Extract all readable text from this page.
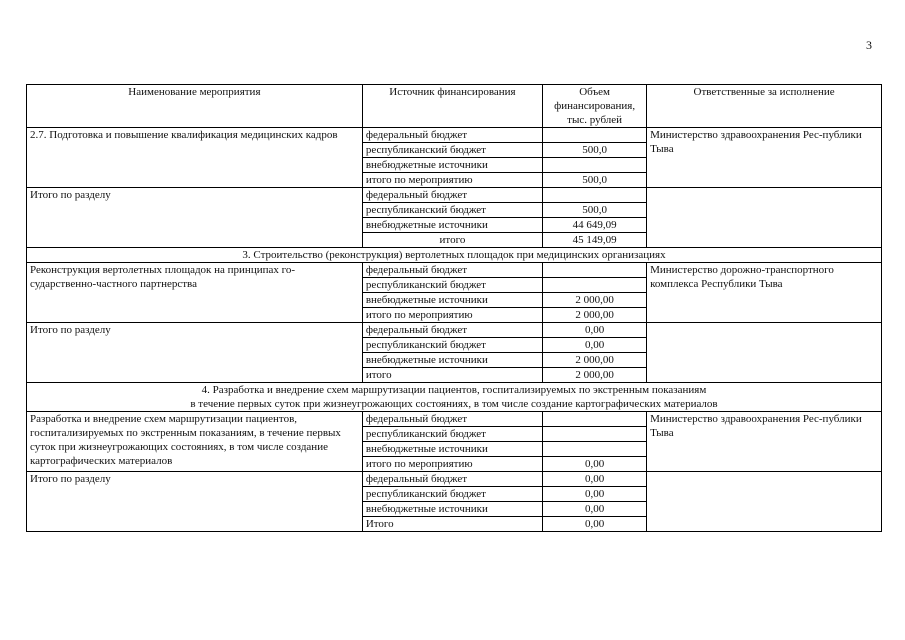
3
Наименование мероприятия	Источник финансирования	Объем финансирования, тыс. рублей	Ответственные за исполнение
2.7. Подготовка и повышение квалификация медицинских кадров	федеральный бюджет		Министерство здравоохранения Рес-публики Тыва
	республиканский бюджет	500,0	
	внебюджетные источники		
	итого по мероприятию	500,0	
Итого по разделу	федеральный бюджет		
	республиканский бюджет	500,0	
	внебюджетные источники	44 649,09	
	итого	45 149,09	
3. Строительство (реконструкция) вертолетных площадок при медицинских организациях			
Реконструкция вертолетных площадок на принципах го-сударственно-частного партнерства	федеральный бюджет		Министерство дорожно-транспортного комплекса Республики Тыва
	республиканский бюджет		
	внебюджетные источники	2 000,00	
	итого по мероприятию	2 000,00	
Итого по разделу	федеральный бюджет	0,00	
	республиканский бюджет	0,00	
	внебюджетные источники	2 000,00	
	итого	2 000,00	

4. Разработка и внедрение схем маршрутизации пациентов, госпитализируемых по экстренным показаниям
в течение первых суток при жизнеугрожающих состояниях, в том числе создание картографических материалов			

Разработка и внедрение схем маршрутизации пациентов, госпитализируемых по экстренным показаниям, в течение первых суток при жизнеугрожающих состояниях, в том числе создание картографических материалов	федеральный бюджет		Министерство здравоохранения Рес-публики Тыва
	республиканский бюджет		
	внебюджетные источники		
	итого по мероприятию	0,00	
Итого по разделу	федеральный бюджет	0,00	
	республиканский бюджет	0,00	
	внебюджетные источники	0,00	
	Итого	0,00	
